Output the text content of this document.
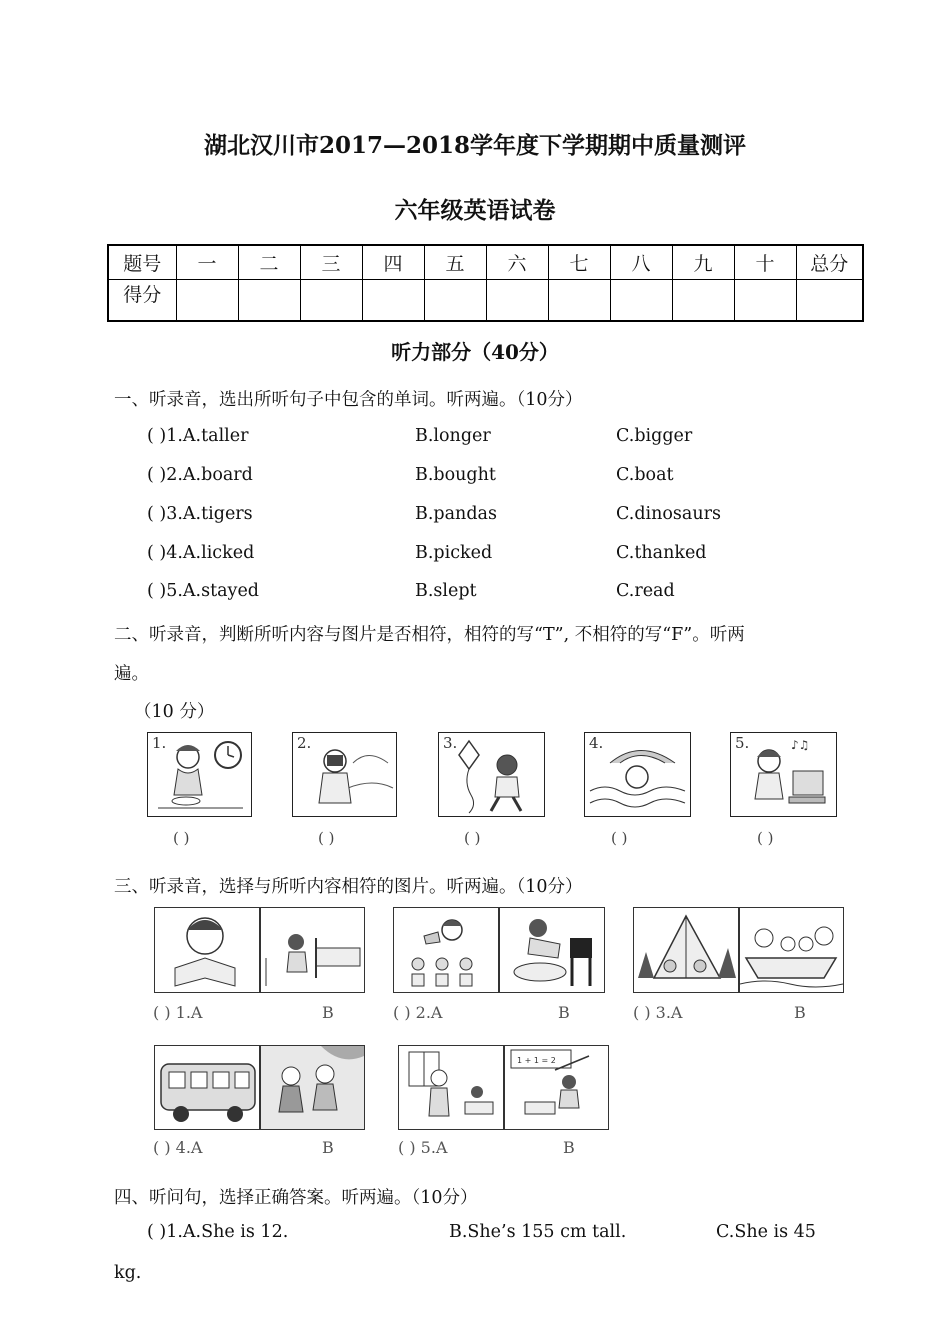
湖北汉川市2017—2018学年度下学期期中质量测评
六年级英语试卷
题号	一	二	三	四	五	六	七	八	九	十	总分
得分											
听力部分（40分）
一、听录音，选出所听句子中包含的单词。听两遍。（10分）
( )1.A.taller	B.longer	C.bigger
( )2.A.board	B.bought	C.boat
( )3.A.tigers	B.pandas	C.dinosaurs
( )4.A.licked	B.picked	C.thanked
( )5.A.stayed	B.slept	C.read
二、听录音，判断所听内容与图片是否相符，相符的写“T”, 不相符的写“F”。听两
遍。
（10 分）
1.
( )
2.
( )
3.
( )
4.
( )
5.	♪♫
( )
三、听录音，选择与所听内容相符的图片。听两遍。（10分）
( ) 1.A	B	( ) 2.A	B	( ) 3.A	B
( ) 4.A	B
1 + 1 = 2
( ) 5.A	B
四、听问句，选择正确答案。听两遍。（10分）
( )1.A.She is 12.	B.She’s 155 cm tall.	C.She is 45
kg.
